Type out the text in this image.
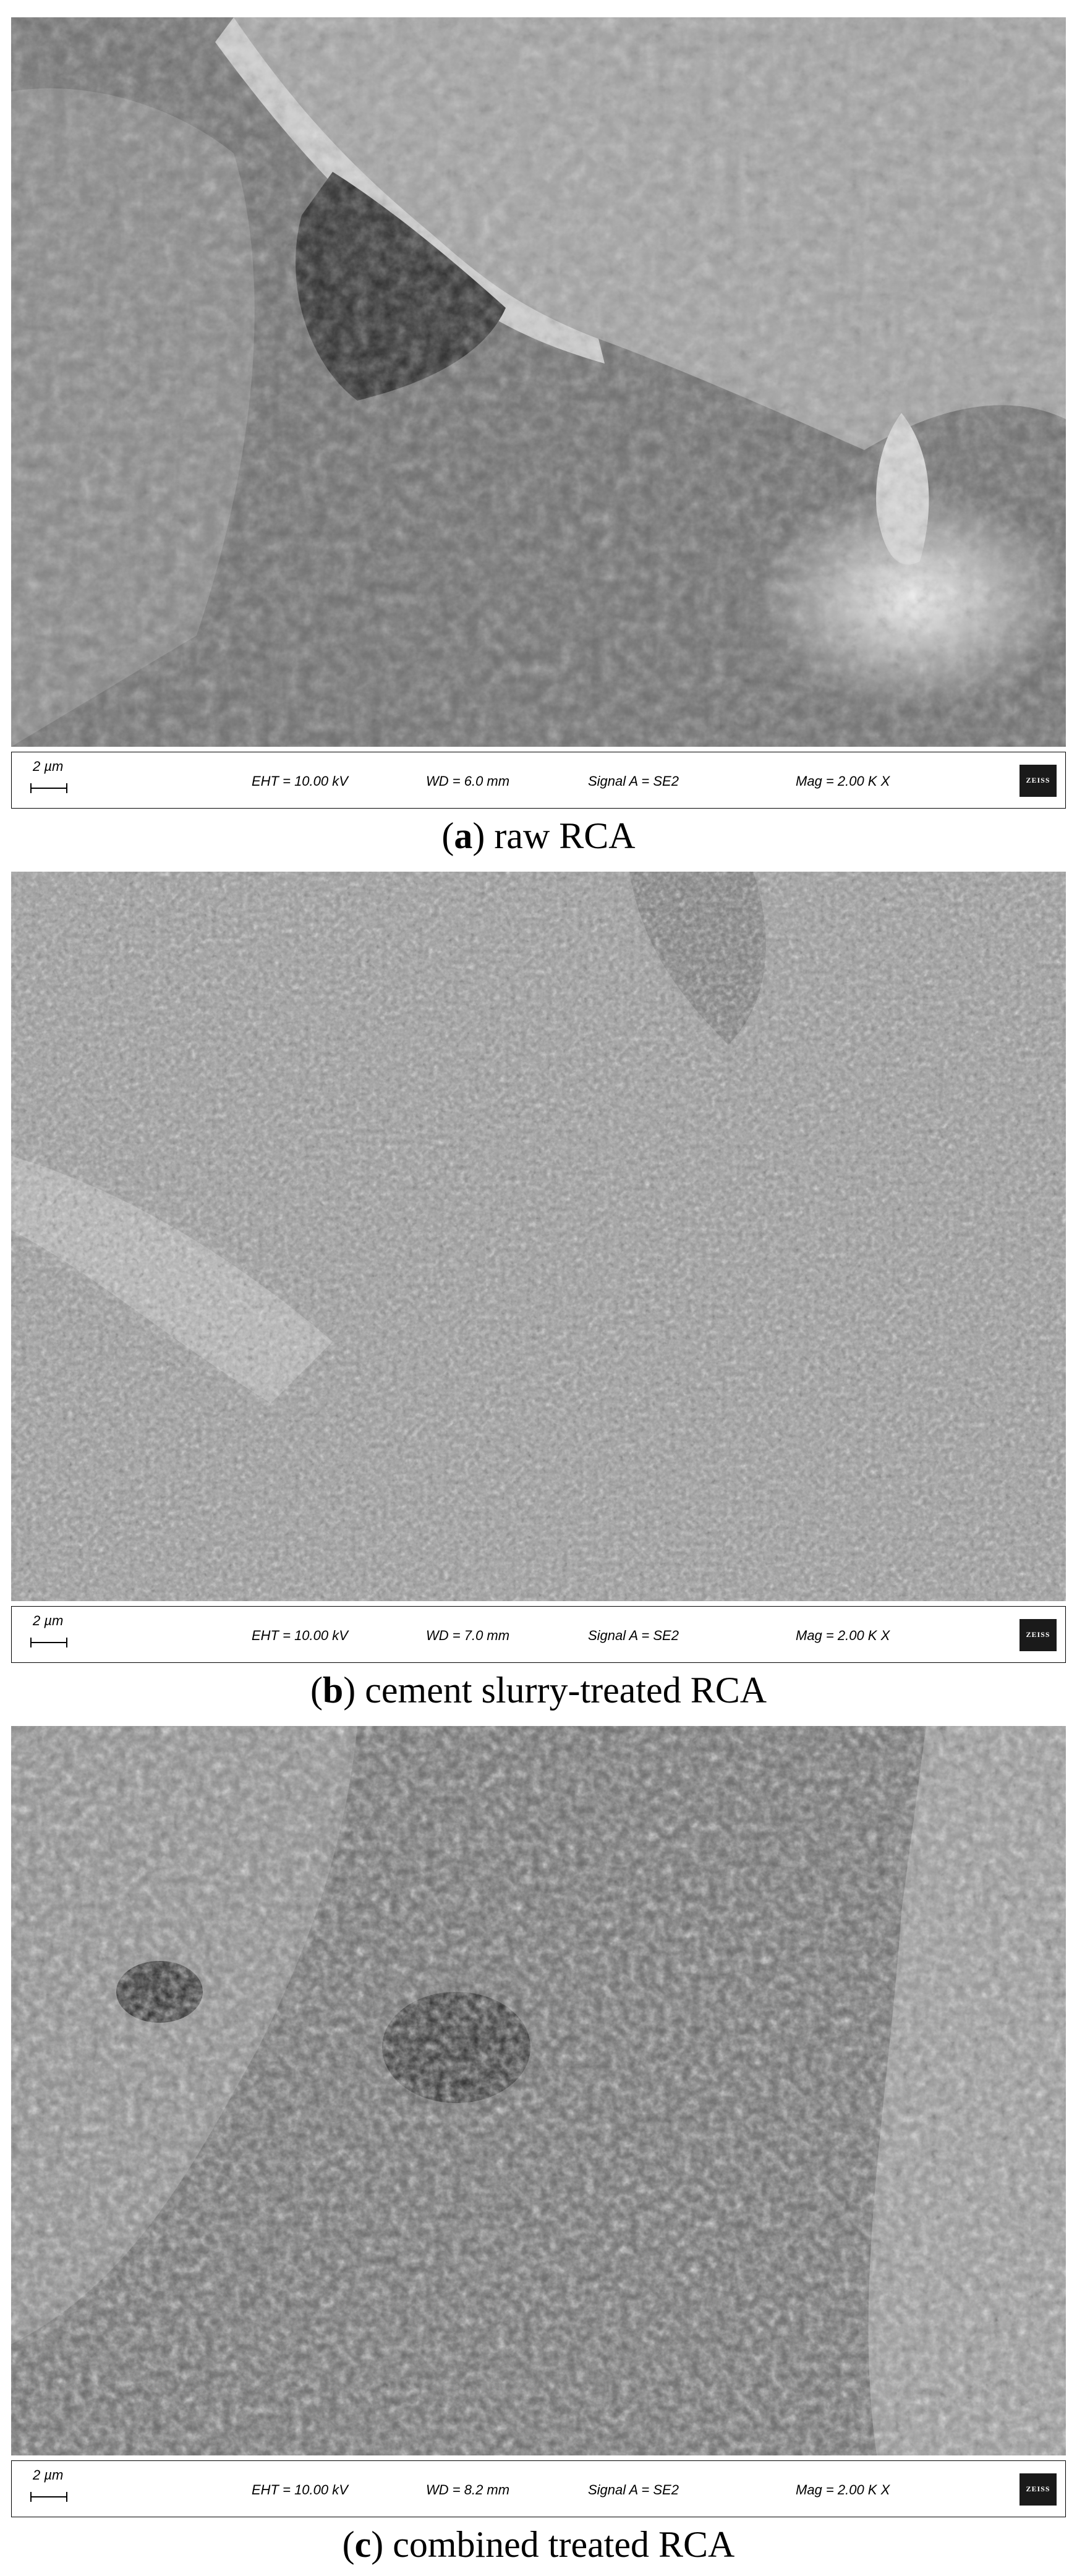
2 µm
EHT = 10.00 kV	WD = 6.0 mm	Signal A = SE2	Mag = 2.00 K X	ZEISS
(a) raw RCA
2 µm
EHT = 10.00 kV	WD = 7.0 mm	Signal A = SE2	Mag = 2.00 K X	ZEISS
(b) cement slurry-treated RCA
2 µm
EHT = 10.00 kV	WD = 8.2 mm	Signal A = SE2	Mag = 2.00 K X	ZEISS
(c) combined treated RCA
